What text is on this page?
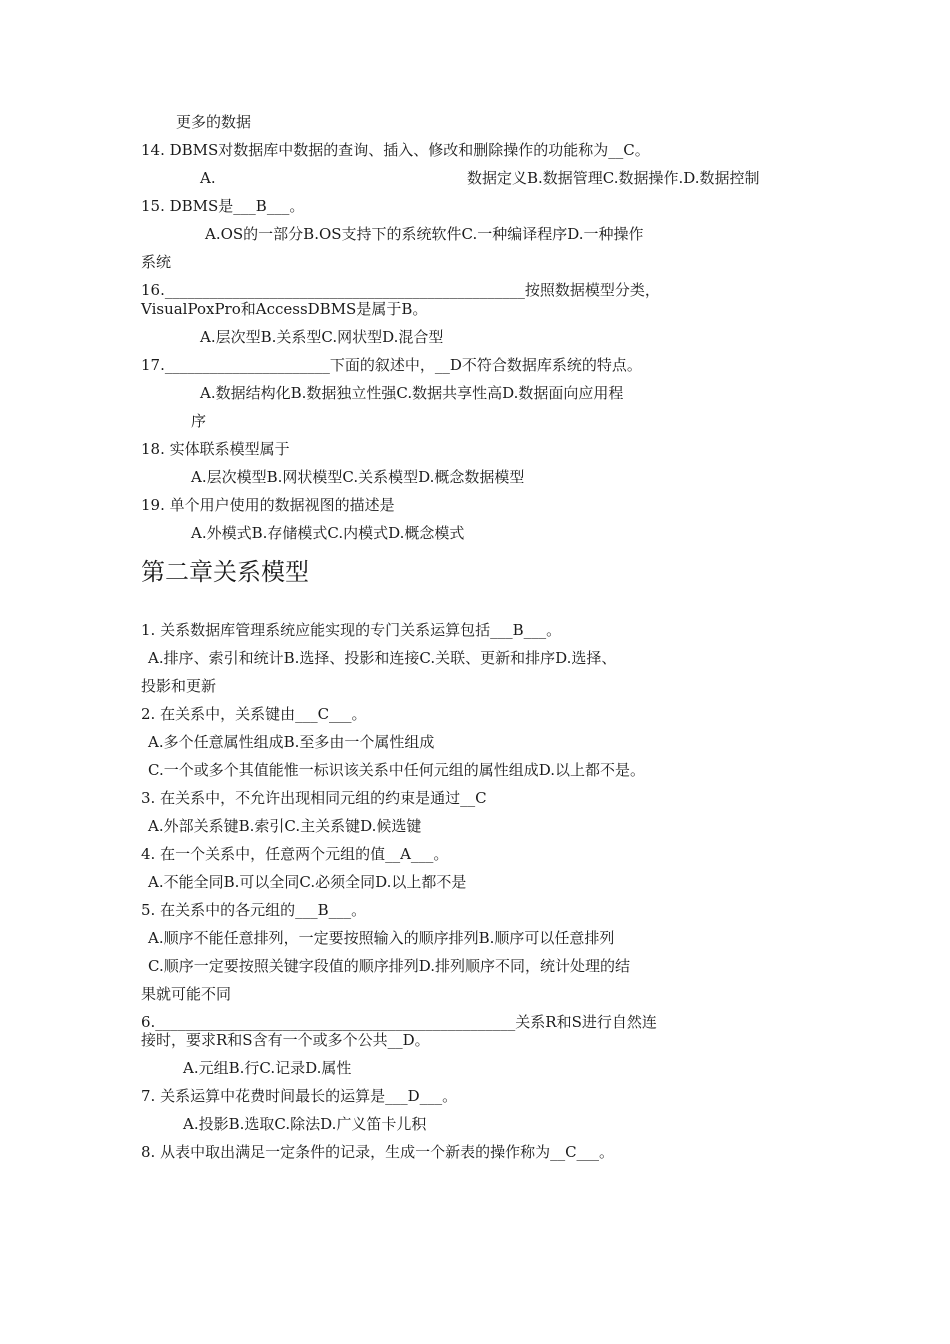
更多的数据
14. DBMS对数据库中数据的查询、插入、修改和删除操作的功能称为__C。
A.	数据定义B.数据管理C.数据操作.D.数据控制
15. DBMS是___B___。
A.OS的一部分B.OS支持下的系统软件C.一种编译程序D.一种操作
系统
16.________________________________________________按照数据模型分类，
VisualPoxPro和AccessDBMS是属于B。
A.层次型B.关系型C.网状型D.混合型
17.______________________下面的叙述中，__D不符合数据库系统的特点。
A.数据结构化B.数据独立性强C.数据共享性高D.数据面向应用程
序
18. 实体联系模型属于
A.层次模型B.网状模型C.关系模型D.概念数据模型
19. 单个用户使用的数据视图的描述是
A.外模式B.存储模式C.内模式D.概念模式
第二章关系模型
1. 关系数据库管理系统应能实现的专门关系运算包括___B___。
A.排序、索引和统计B.选择、投影和连接C.关联、更新和排序D.选择、
投影和更新
2. 在关系中，关系键由___C___。
A.多个任意属性组成B.至多由一个属性组成
C.一个或多个其值能惟一标识该关系中任何元组的属性组成D.以上都不是。
3. 在关系中，不允许出现相同元组的约束是通过__C
A.外部关系键B.索引C.主关系键D.候选键
4. 在一个关系中，任意两个元组的值__A___。
A.不能全同B.可以全同C.必须全同D.以上都不是
5. 在关系中的各元组的___B___。
A.顺序不能任意排列，一定要按照输入的顺序排列B.顺序可以任意排列
C.顺序一定要按照关键字段值的顺序排列D.排列顺序不同，统计处理的结
果就可能不同
6.________________________________________________关系R和S进行自然连
接时，要求R和S含有一个或多个公共__D。
A.元组B.行C.记录D.属性
7. 关系运算中花费时间最长的运算是___D___。
A.投影B.选取C.除法D.广义笛卡儿积
8. 从表中取出满足一定条件的记录，生成一个新表的操作称为__C___。
